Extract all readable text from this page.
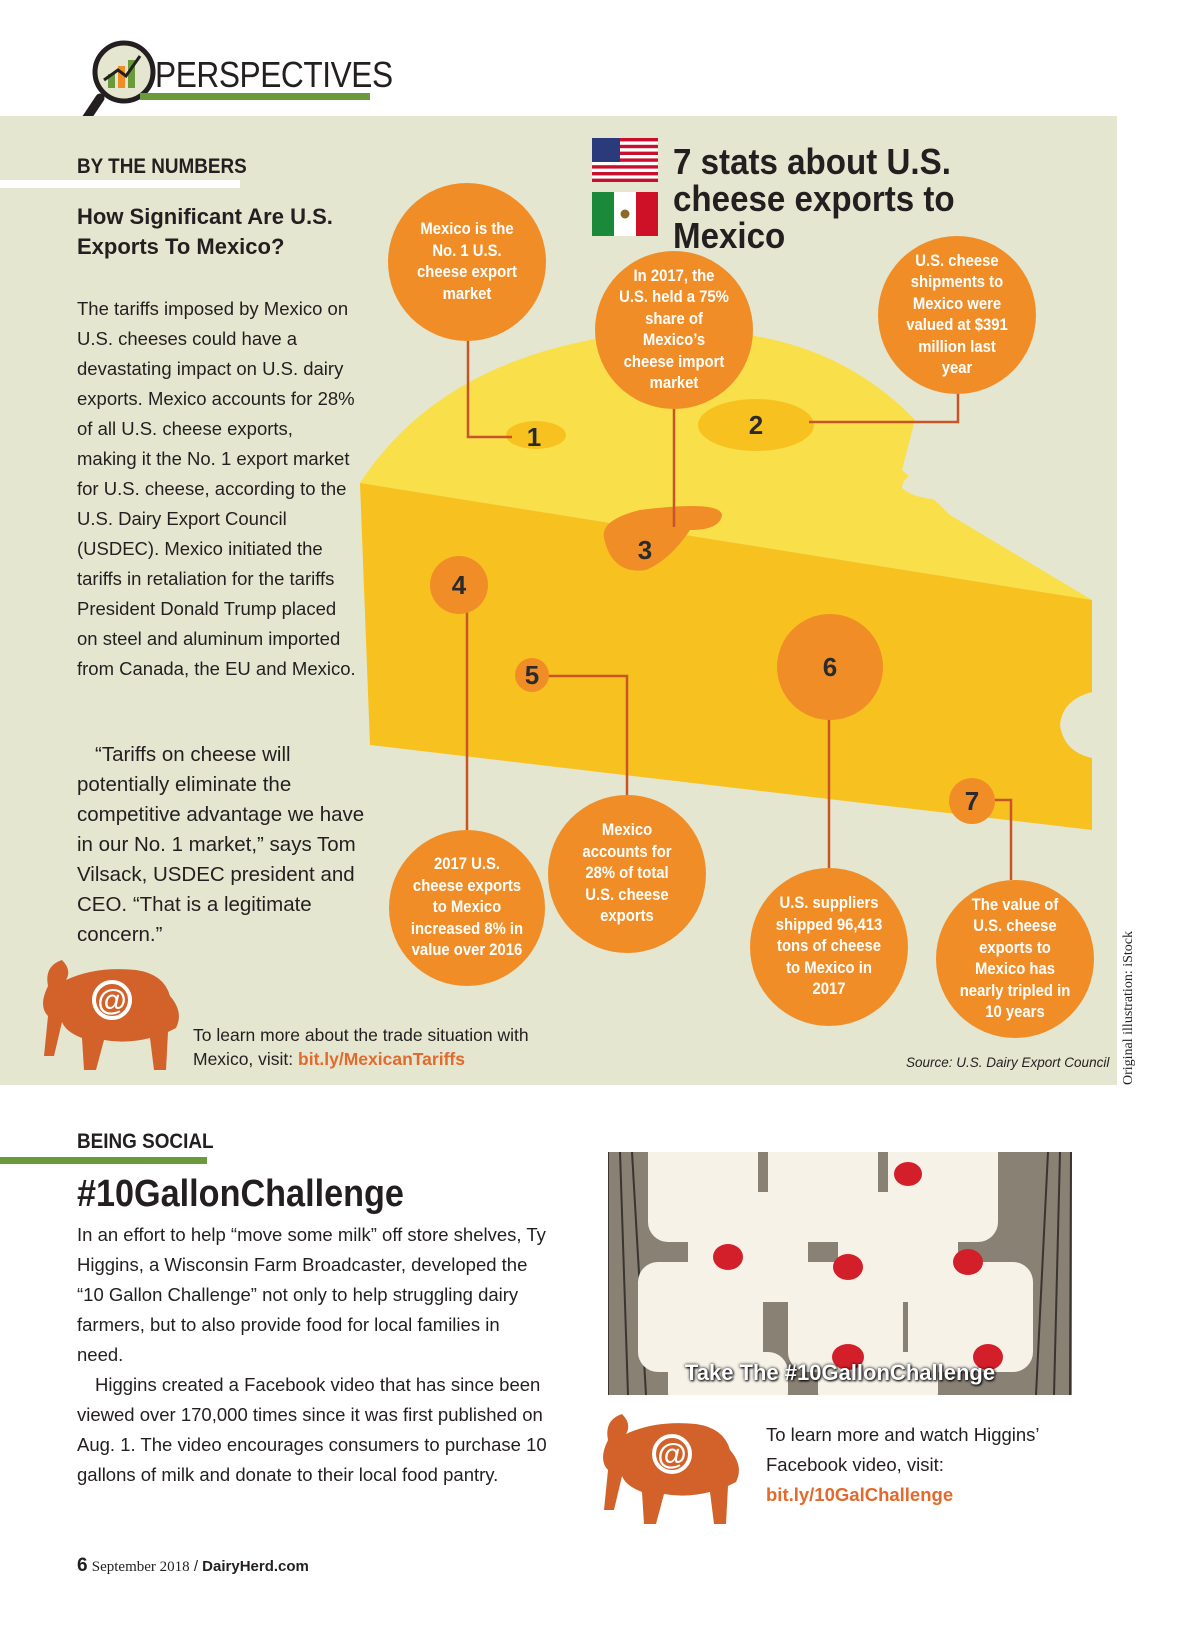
PERSPECTIVES
BY THE NUMBERS
How Significant Are U.S. Exports To Mexico?
The tariffs imposed by Mexico on U.S. cheeses could have a devastating impact on U.S. dairy exports. Mexico accounts for 28% of all U.S. cheese exports, making it the No. 1 export market for U.S. cheese, according to the U.S. Dairy Export Council (USDEC). Mexico initiated the tariffs in retaliation for the tariffs President Donald Trump placed on steel and aluminum imported from Canada, the EU and Mexico.
“Tariffs on cheese will potentially eliminate the competitive advantage we have in our No. 1 market,” says Tom Vilsack, USDEC president and CEO. “That is a legitimate concern.”
7 stats about U.S. cheese exports to Mexico
1	2
3
4
5	6
7
Mexico is the No. 1 U.S. cheese export market
In 2017, the U.S. held a 75% share of Mexico’s cheese import market
U.S. cheese shipments to Mexico were valued at $391 million last year
2017 U.S. cheese exports to Mexico increased 8% in value over 2016
Mexico accounts for 28% of total U.S. cheese exports
U.S. suppliers shipped 96,413 tons of cheese to Mexico in 2017
The value of U.S. cheese exports to Mexico has nearly tripled in 10 years
Source: U.S. Dairy Export Council Original illustration: iStock
@
To learn more about the trade situation with Mexico, visit: bit.ly/MexicanTariffs
BEING SOCIAL
#10GallonChallenge
In an effort to help “move some milk” off store shelves, Ty Higgins, a Wisconsin Farm Broadcaster, developed the “10 Gallon Challenge” not only to help struggling dairy farmers, but to also provide food for local families in need.
Higgins created a Facebook video that has since been viewed over 170,000 times since it was first published on Aug. 1. The video encourages consumers to purchase 10 gallons of milk and donate to their local food pantry.
Take The #10GallonChallenge
@
To learn more and watch Higgins’ Facebook video, visit:
bit.ly/10GalChallenge
6 September 2018 / DairyHerd.com
